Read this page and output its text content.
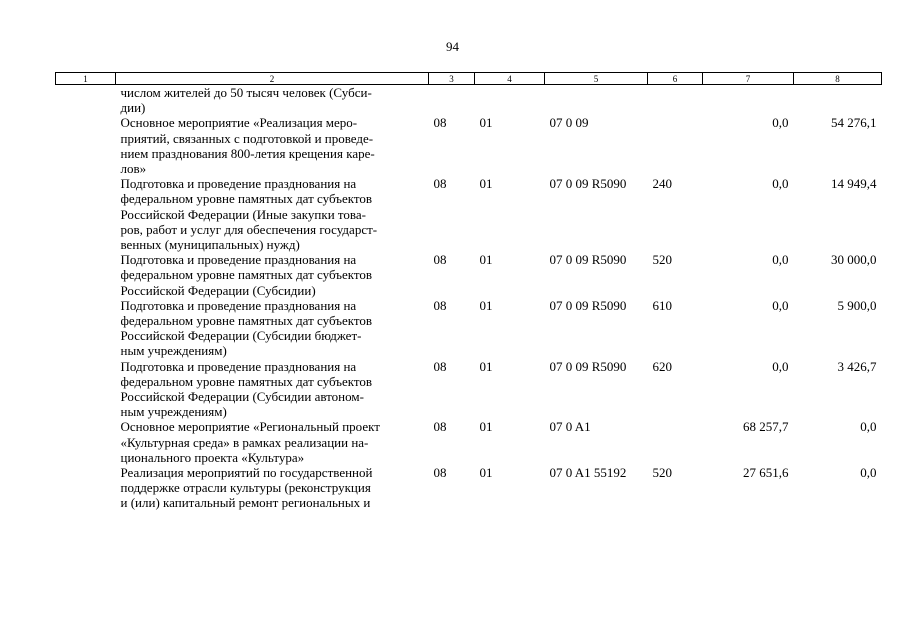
94
1	2	3	4	5	6	7	8
	числом жителей до 50 тысяч человек (Субси-
дии)						
	Основное мероприятие «Реализация меро-
приятий, связанных с подготовкой и проведе-
нием празднования 800-летия крещения каре-
лов»	08	01	07 0 09		0,0	54 276,1
	Подготовка и проведение празднования на
федеральном уровне памятных дат субъектов
Российской Федерации (Иные закупки това-
ров, работ и услуг для обеспечения государст-
венных (муниципальных) нужд)	08	01	07 0 09 R5090	240	0,0	14 949,4
	Подготовка и проведение празднования на
федеральном уровне памятных дат субъектов
Российской Федерации (Субсидии)	08	01	07 0 09 R5090	520	0,0	30 000,0
	Подготовка и проведение празднования на
федеральном уровне памятных дат субъектов
Российской Федерации (Субсидии бюджет-
ным учреждениям)	08	01	07 0 09 R5090	610	0,0	5 900,0
	Подготовка и проведение празднования на
федеральном уровне памятных дат субъектов
Российской Федерации (Субсидии автоном-
ным учреждениям)	08	01	07 0 09 R5090	620	0,0	3 426,7
	Основное мероприятие «Региональный проект
«Культурная среда» в рамках реализации на-
ционального проекта «Культура»	08	01	07 0 A1		68 257,7	0,0
	Реализация мероприятий по государственной
поддержке отрасли культуры (реконструкция
и (или) капитальный ремонт региональных и	08	01	07 0 A1 55192	520	27 651,6	0,0
